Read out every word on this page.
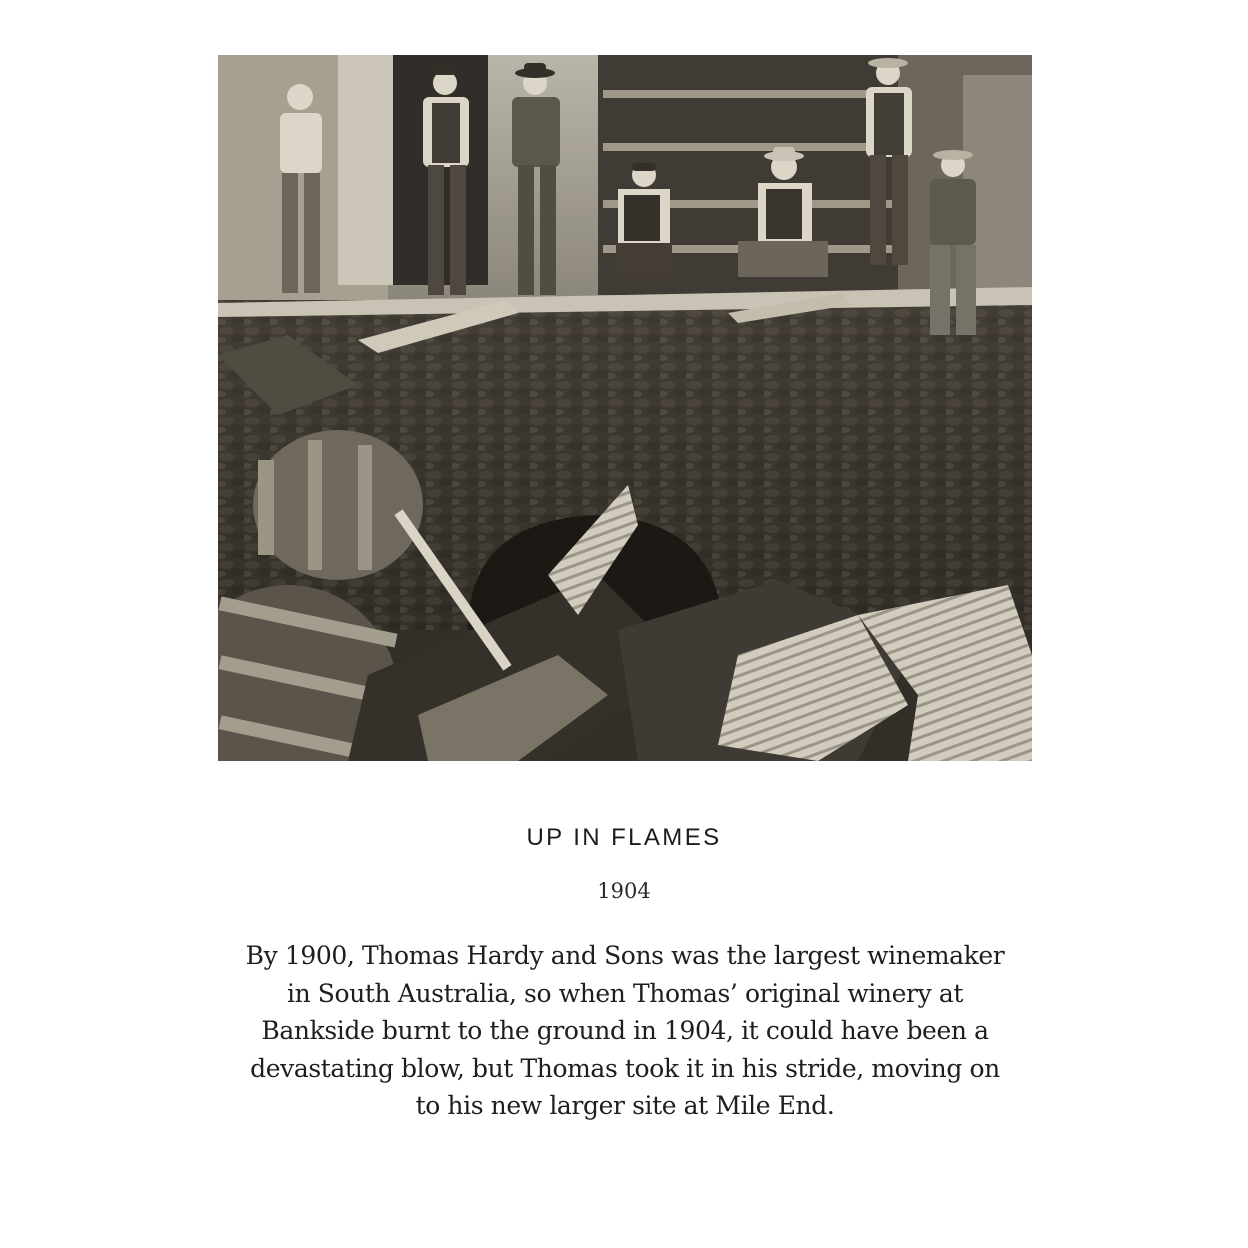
UP IN FLAMES
1904
By 1900, Thomas Hardy and Sons was the largest winemaker in South Australia, so when Thomas’ original winery at Bankside burnt to the ground in 1904, it could have been a devastating blow, but Thomas took it in his stride, moving on to his new larger site at Mile End.
